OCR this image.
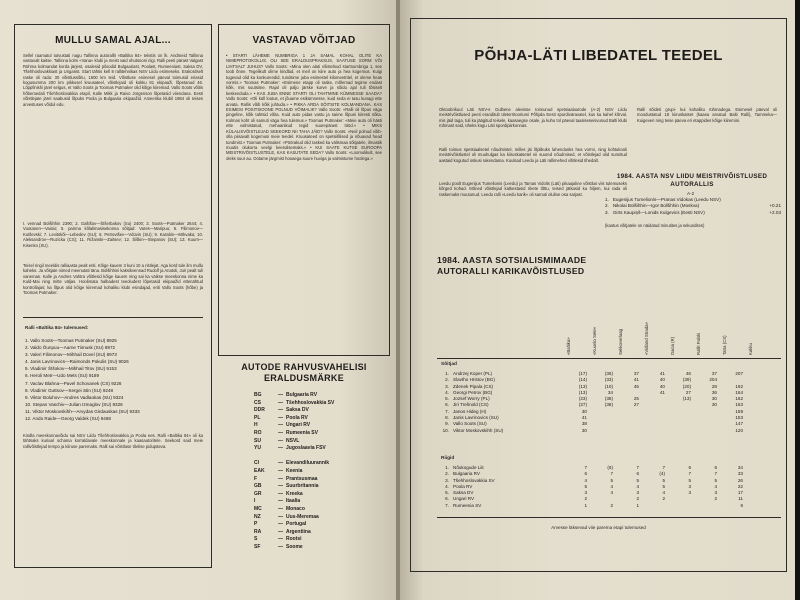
MULLU SAMAL AJAL...
Sellel raamatul tutvustati nagu Tallinna autorallit «Baltika 84» tekstis on lk. Andmeid Tallinna vastavalt kaitse. Tallinna kolm «Vana» klubi ja meist vaid ohutsooni riigi. Ralli peeti pärast Valgast Rühma kolmandat korda järjest, osalesid piloodid Bulgaariast, Poolast, Rumeeniast, Saksa DV, Tšehhoslovakkiast ja Ungarist. Start tähtis kell 8 rallitehnikas NSV Liidu esimeseks. Erakordselt raske oli rada: 30 võistlussõitu, 1600 km teid. Võistluse esimesel päeval toimusid eriasid kogusumma 200 km pikkusel kruusateel, võistlejaid oli kokku 81 ekipaaži, lõpetanud 46. Lõppfinishi järel selgus, et Vallo Soots ja Toomas Putmaker olid kõige kiiremad. Vallo Soots võitis hõbemedali Tšehhoslovakkia etapil, Kalle Mikk ja Raivo Jürgenson lõpetasid viiendana. Eesti võistlejate järel saabusid lõpuks Poola ja Bulgaaria ekipaažid. Ameerika klubil 1984 oli teises arvestuses võidul edu.
I. vennad Bolšihhin 2390; 2. Gaštšov—Štšerbakov (Su) 2400; 3. Soots—Putmaker 2644; 4. Vuotanen—Vainio; 5. parima kõlalimasisekonna sõitjad: Vares—Maripuu; 6. Filimonov—Kutševski; 7. Levitskõi—Lebedev (SU); 8. Petrovtšev—Vdovin (SU); 9. Karabin—Mrkvaka; 10. Aleksandrov—Ruzicka (CS); 11. Rižanski—Zaitsev; 12. Šiškin—Stepanov (SU); 13. Kuum—Kisenko (SU).
Teisel ringil meeldis ralliaasta pealt eriti. Kõige kauem 3 kuni 10 a ristlejat. Aga kord tule ilm mullu kaheks. Ja võitjate nimed meenutati täna. Bolšihhini kaksikvennad Rudolf ja Anatoli, Juri pealt tuli vanemas. Kalle ja Andres Vahtra võitlesid kõige kauem ning sai ka väikse meeskonna nime ka Kuld-Mai ning mitte väljas. Hoolimata halbadest teeoludest lõpetasid ekipaažid ettenähtud kontrollajas; ka lõpus olid kõige kiiremad kohaliku klubi esindajad, eriti Vallo Soots (hõbe) ja Toomas Putmaker.
Ralli «Baltika 84» tulemused:
1. Vallo Soots—Toomas Putmaker (SU) 8925
2. Valdo Õunpuu—Aarne Tiimusk (SU) 8972
3. Valeri Filimonov—Mihhail Dovel (SU) 8973
4. Janis Lavrinovics—Raimonds Pokulis (SU) 9026
5. Vladimir Štšokov—Mihhail Titov (SU) 9153
6. Heroli Metr—Udo Mets (SU) 9189
7. Vaclav Blahna—Pavel Schovanek (CS) 9226
8. Vladimir Guttsov—Sergei Stin (SU) 9248
9. Viktor Boluhov—Andres Vadlaokas (SU) 9324
10. Stepan Vaschiv—Julian Izmaglov (SU) 9326
11. Viktor Moskovskihh—Arvydas Girdauskas (SU) 9333
12. Ando Raide—Georg Valdek (SU) 9468
Kindla meeskonnavõidu sai NSV Liidu Tšehhoslovakkia ja Poola ees. Ralli «Baltika 84» oli ka tähtsaks kuriaal ochama korraldavale meeskonnale ja kaasautoritele. Seekord said meie rallivõistlejad tempo ja kiiruse paremaks. Ralli sai võistluse tõelise pidupäeva.
VASTAVAD VÕITJAD
• STARTI LÄHEME NUMBRIGA 1 JA SAMAL KOHAL OLITE KA NIMEPROTOKOLLIS. OLI SEE ERALDUSPRAKSUS, SAATUSE SORM VÕI LIHTSALT JUHUS? Vallo Soots: «Mina olen alati võistelnud startnumbriga 1, see toob õnne. Tegelikult olime kindlad, et meil on kiire auto ja hea kogemus. Kuigi tugevad olid ka konkurendid, tundsime juba esimestel kilomeetritel, et oleme heas vormis.» Toomas Putmaker: «Esimene etapp oli raske, mõlemad tegime endast kõik, mis suutsime. Rajal oli palju järske kurve ja sõidu ajal tuli tõsiselt keskenduda.» • KAS JUBA ENNE STARTI OLI TAHTMINE KÜMNESSE SAADA? Vallo Soots: «Oli küll lootus, et jõuame esikümnesse, kuid seda ei tasu kunagi ette arvata. Rallis võib kõik juhtuda.» • PIKKA ARDA SÕITSITE KOLMANDANA. KAS ESIMESI POSITSIOONE POLNUD VÕIMALIK? Vallo Soots: «Ralli oli lõpus väga pingeline, kõik tahtsid võita. Kuid auto pidas vastu ja saime lõpuni kiiresti sõita. Kolmas koht oli samuti väga hea tulemus.» Toomas Putmaker: «Meie auto oli hästi ette valmistatud, mehaanikud tegid suurepärast tööd.» • MIKS KÜLALISVÕISTLEJAD SEEKORD NII TAHA JÄID? Vallo Soots: «Neil polnud võib-olla piisavalt kogemusi meie teedel. Kruusateed on spetsiifilised ja nõuavad head tundmist.» Toomas Putmaker: «Pöörakud olid rasked ka välismaa sõitjatele, ilmastik muutis olukorra veelgi keerulisemaks.» • KUI SAATE KUTSE EUROOPA MEISTRIVÕISTLUSTELE, KAS KASUTATE SEDA? Vallo Soots: «Loomulikult, see oleks suur au. Ootame järgmist hooaega suure huviga ja valmistume hoolega.»
AUTODE RAHVUSVAHELISI ERALDUSMÄRKE
BG	— Bulgaaria RV
CS	— Tšehhoslovakkia SV
DDR	— Saksa DV
PL	— Poola RV
H	— Ungari RV
RO	— Rumeenia SV
SU	— NSVL
YU	— Jugoslaavia FSV
CI	— Elevandiluurannik
EAK	— Keenia
F	— Prantsusmaa
GB	— Suurbritannia
GR	— Kreeka
I	— Itaalia
MC	— Monaco
NZ	— Uus-Meremaa
P	— Portugal
RA	— Argentiina
S	— Rootsi
SF	— Soome
PÕHJA-LÄTI LIBEDATEL TEEDEL
Oktoobrikuul Läti NSV-s Gulbene alevisse toimunud spetsiaalautode (A-2) NSV Liidu meistrivõistlused peeti eranditult ületerritooriumi Põhjala Eesti spordiväravatel, kus ka kahel kõrval, mis jäid taga, tuli ka jäägitud teisele, kaasaegse osale, ja kuhu tol päeval taasiseseisvunud Balti klubi rühmast said, üheks kogu Läti spordipiirkonnas.
Ralli toimus spetsiaalsetel nõudmistel, milles jäi lõplikuks lahendusks hea vormi, ning kohtukooli meistrivõistlustel oli muuhulgas ka kiiruskatsetel nii suured nõudmised, et võistlejad olid sunnitud aastaid kogutud oskusi rakendama. Kuulsad Leedu ja Läti rallimehed võitlesid tihedalt.
Leedu poolt Eugenijus Tumelionis (Leedu) ja Tamas Vidolis (Läti) pikaajaline võistlus viis tulemuseks kõrged kohad. Mõned võistlejad katkestasid rikete tõttu, teised jätkasid ka hiljem, kui rada oli raskemaks muutunud. Leedu ralli «Leedu karik» oli samuti oluline osa sarjast.
Ralli sõideti grupi- kui kohaliku rühmadega. Esimesel päeval oli moodustatud 18 kiiruskatset (kaasa arvatud Balti Ralli), Tammeka—Kuigeveri ning teise päeva eri etappides kõige kiiremini.
1984. AASTA NSV LIIDU MEISTRIVÕISTLUSED AUTORALLIS
A-2
1.	Eugenijus Tumelionis—Pranas Vidokas (Leedu NSV)	
2.	Nikolai Bolšihhin—Igor Bolšihhin (Moskva)	+0.21
3.	Girts Kaupiņš—Lonids Kulgevics (Eesti NSV)	+2.03
(kaotus võitjatele on näidatud minutites ja sekundites)
1984. AASTA SOTSIALISMIMAADE AUTORALLI KARIKAVÕISTLUSED
«Baltika»	«Kuunlo Sete»	Sekkoverlaag	«Vidland Strada»	Dacia (R)	Rallit Polski	Tatra (CS)	Kokku
Sõitjad
1.	Andrzej Koper (PL)	(17)	(36)	37	41	46	37	207
2.	Slavtho Hristov (BG)	(14)	(33)	41	40	(39)	204	
3.	Zdenek Pipala (CS)	(13)	(10)	45	40	(20)	28	192
4.	Georgi Petrov (BG)	(13)	34		41	27	36	164
5.	Jozsef Worry (PL)	(23)	(38)	25		(13)	30	162
6.	Jiri Trešnold (CS)	(27)	(38)	27			30	163
7.	Janos Hideg (H)	30						159
8.	Janis Lavrinovics (SU)	41						153
9.	Vallo Soots (SU)	38						147
10.	Viktor Moskovskihh (SU)	30						120
Riigid
1.	Nõukogude Liit	7	(6)	7	7	6	6	34
2.	Bulgaaria RV	6	7	6	(4)	7	7	33
3.	Tšehhoslovakkia SV	4	5	5	5	5	5	26
4.	Poola RV	5	4	4	5	3	4	22
5.	Saksa DV	3	4	3	4	3	3	17
6.	Ungari RV	2		2	2		2	11
7.	Rumeenia SV	1	2	1				6
Arvesse läksevad viie parema etapi tulemused
